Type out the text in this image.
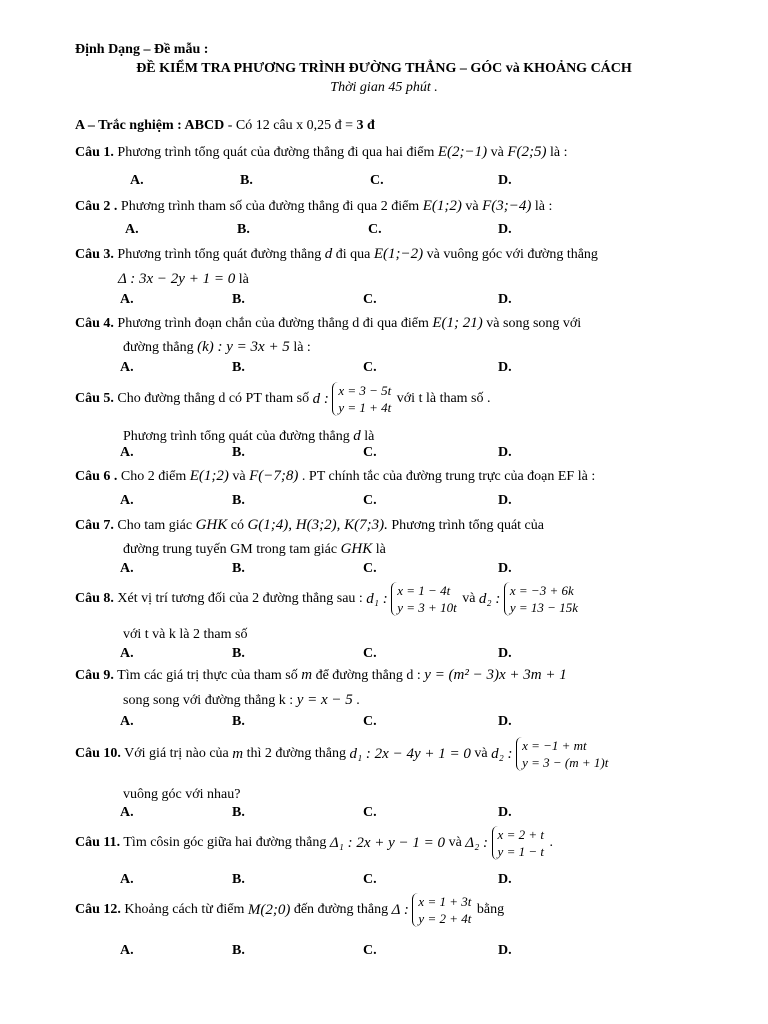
Định Dạng – Đề mẫu :
ĐỀ KIỂM TRA PHƯƠNG TRÌNH ĐƯỜNG THẲNG – GÓC và KHOẢNG CÁCH
Thời gian 45 phút .
A – Trắc nghiệm : ABCD - Có 12 câu x 0,25 đ = 3 đ
Câu 1. Phương trình tổng quát của đường thẳng đi qua hai điểm E(2;−1) và F(2;5) là :
A.	B.	C.	D.
Câu 2 . Phương trình tham số của đường thẳng đi qua 2 điểm E(1;2) và F(3;−4) là :
A.	B.	C.	D.
Câu 3. Phương trình tổng quát đường thẳng d đi qua E(1;−2) và vuông góc với đường thẳng
Δ : 3x − 2y + 1 = 0 là
A.	B.	C.	D.
Câu 4. Phương trình đoạn chắn của đường thẳng d đi qua điểm E(1; 21) và song song với
đường thẳng (k) : y = 3x + 5 là :
A.	B.	C.	D.
Câu 5. Cho đường thẳng d có PT tham số d : x = 3 − 5t
y = 1 + 4t với t là tham số .
Phương trình tổng quát của đường thẳng d là
A.	B.	C.	D.
Câu 6 . Cho 2 điểm E(1;2) và F(−7;8) . PT chính tắc của đường trung trực của đoạn EF là :
A.	B.	C.	D.
Câu 7. Cho tam giác GHK có G(1;4), H(3;2), K(7;3). Phương trình tổng quát của
đường trung tuyến GM trong tam giác GHK là
A.	B.	C.	D.
Câu 8. Xét vị trí tương đối của 2 đường thẳng sau : d₁ : x = 1 − 4t
y = 3 + 10t và d₂ : x = −3 + 6k
y = 13 − 15k
với t và k là 2 tham số
A.	B.	C.	D.
Câu 9. Tìm các giá trị thực của tham số m để đường thẳng d : y = (m² − 3)x + 3m + 1
song song với đường thẳng k : y = x − 5 .
A.	B.	C.	D.
Câu 10. Với giá trị nào của m thì 2 đường thẳng d₁ : 2x − 4y + 1 = 0 và d₂ : x = −1 + mt
y = 3 − (m + 1)t
vuông góc với nhau?
A.	B.	C.	D.
Câu 11. Tìm côsin góc giữa hai đường thẳng Δ₁ : 2x + y − 1 = 0 và Δ₂ : x = 2 + t
y = 1 − t .
A.	B.	C.	D.
Câu 12. Khoảng cách từ điểm M(2;0) đến đường thẳng Δ : x = 1 + 3t
y = 2 + 4t bằng
A.	B.	C.	D.
